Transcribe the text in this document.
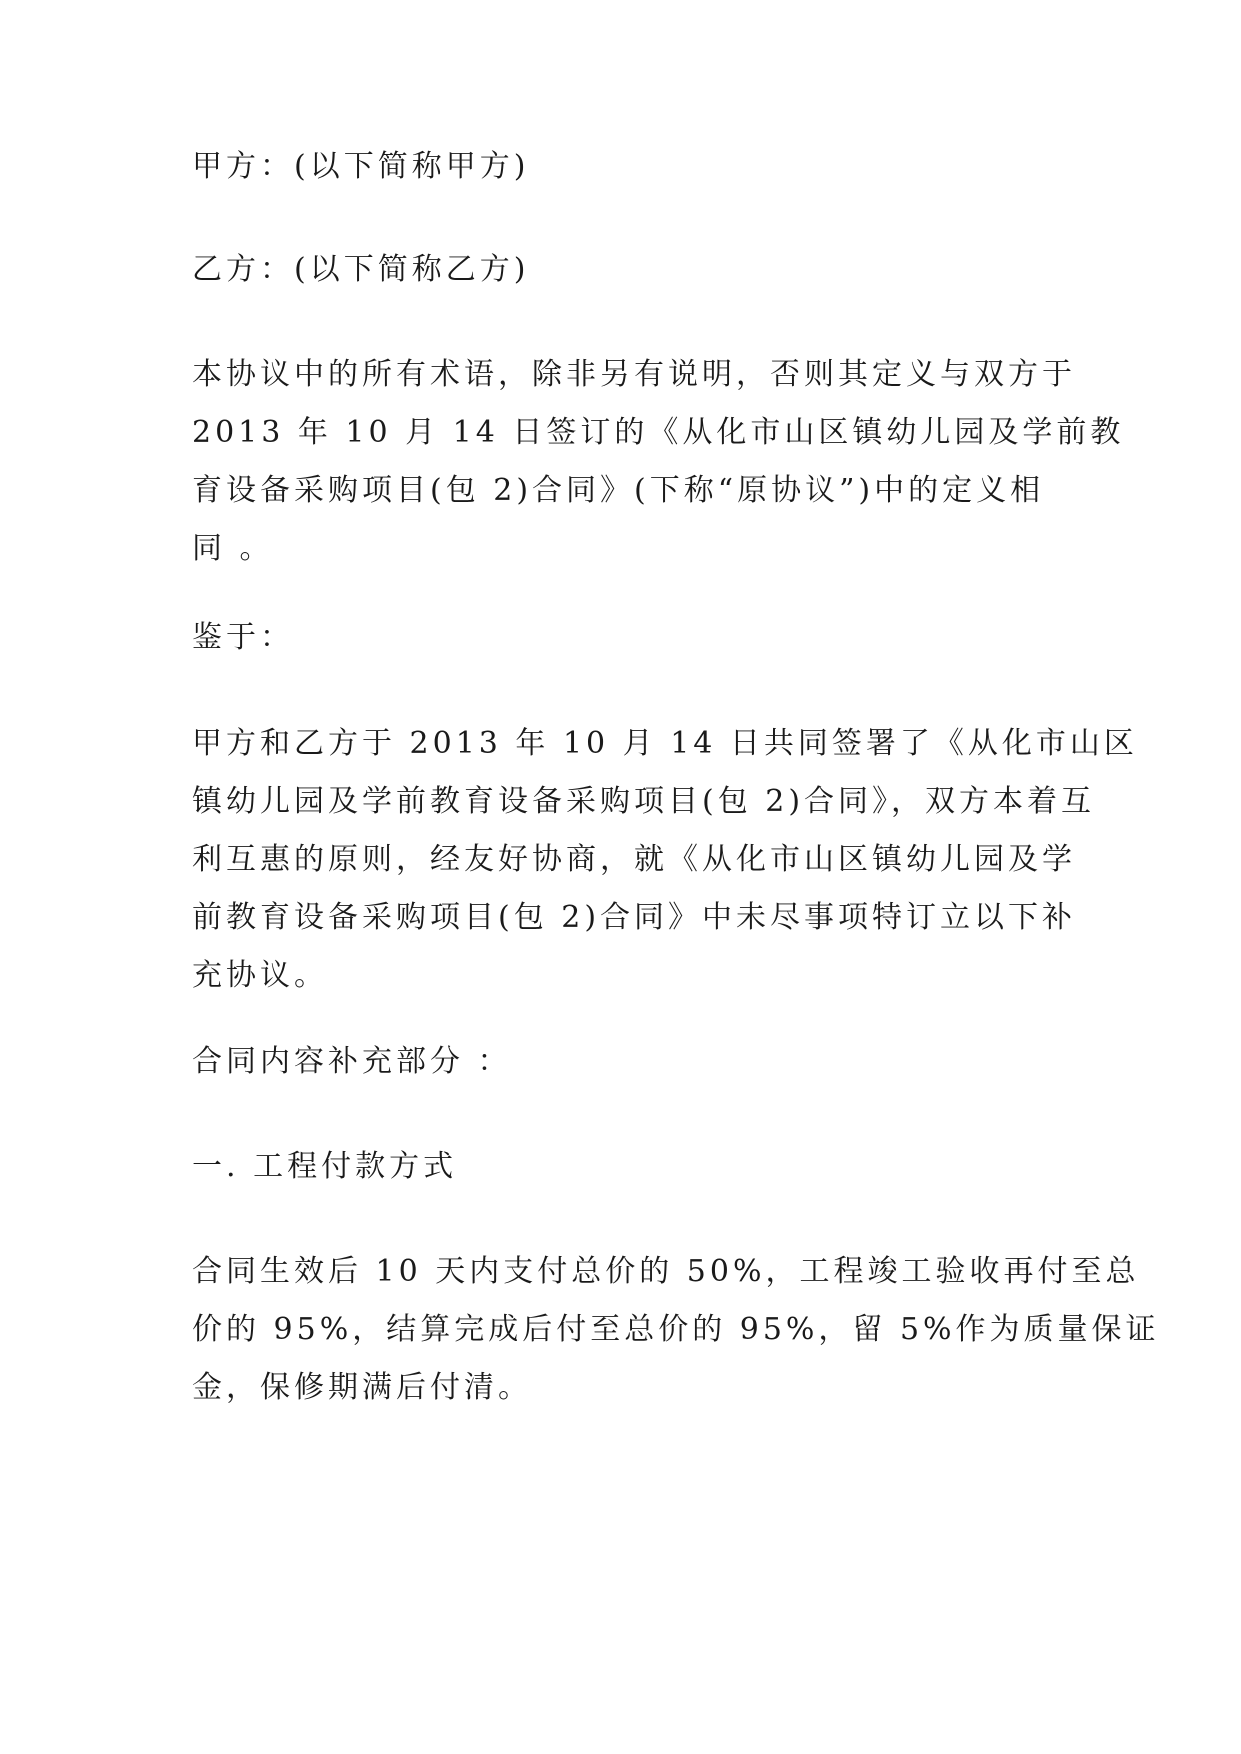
甲方：(以下简称甲方)

乙方：(以下简称乙方)

本协议中的所有术语，除非另有说明，否则其定义与双方于
2013 年 10 月 14 日签订的《从化市山区镇幼儿园及学前教
育设备采购项目(包 2)合同》(下称“原协议”)中的定义相
同 。

鉴于：

甲方和乙方于 2013 年 10 月 14 日共同签署了《从化市山区
镇幼儿园及学前教育设备采购项目(包 2)合同》，双方本着互
利互惠的原则，经友好协商，就《从化市山区镇幼儿园及学
前教育设备采购项目(包 2)合同》中未尽事项特订立以下补
充协议。

合同内容补充部分 ：

一. 工程付款方式

合同生效后 10 天内支付总价的 50%，工程竣工验收再付至总
价的 95%，结算完成后付至总价的 95%，留 5%作为质量保证
金，保修期满后付清。
